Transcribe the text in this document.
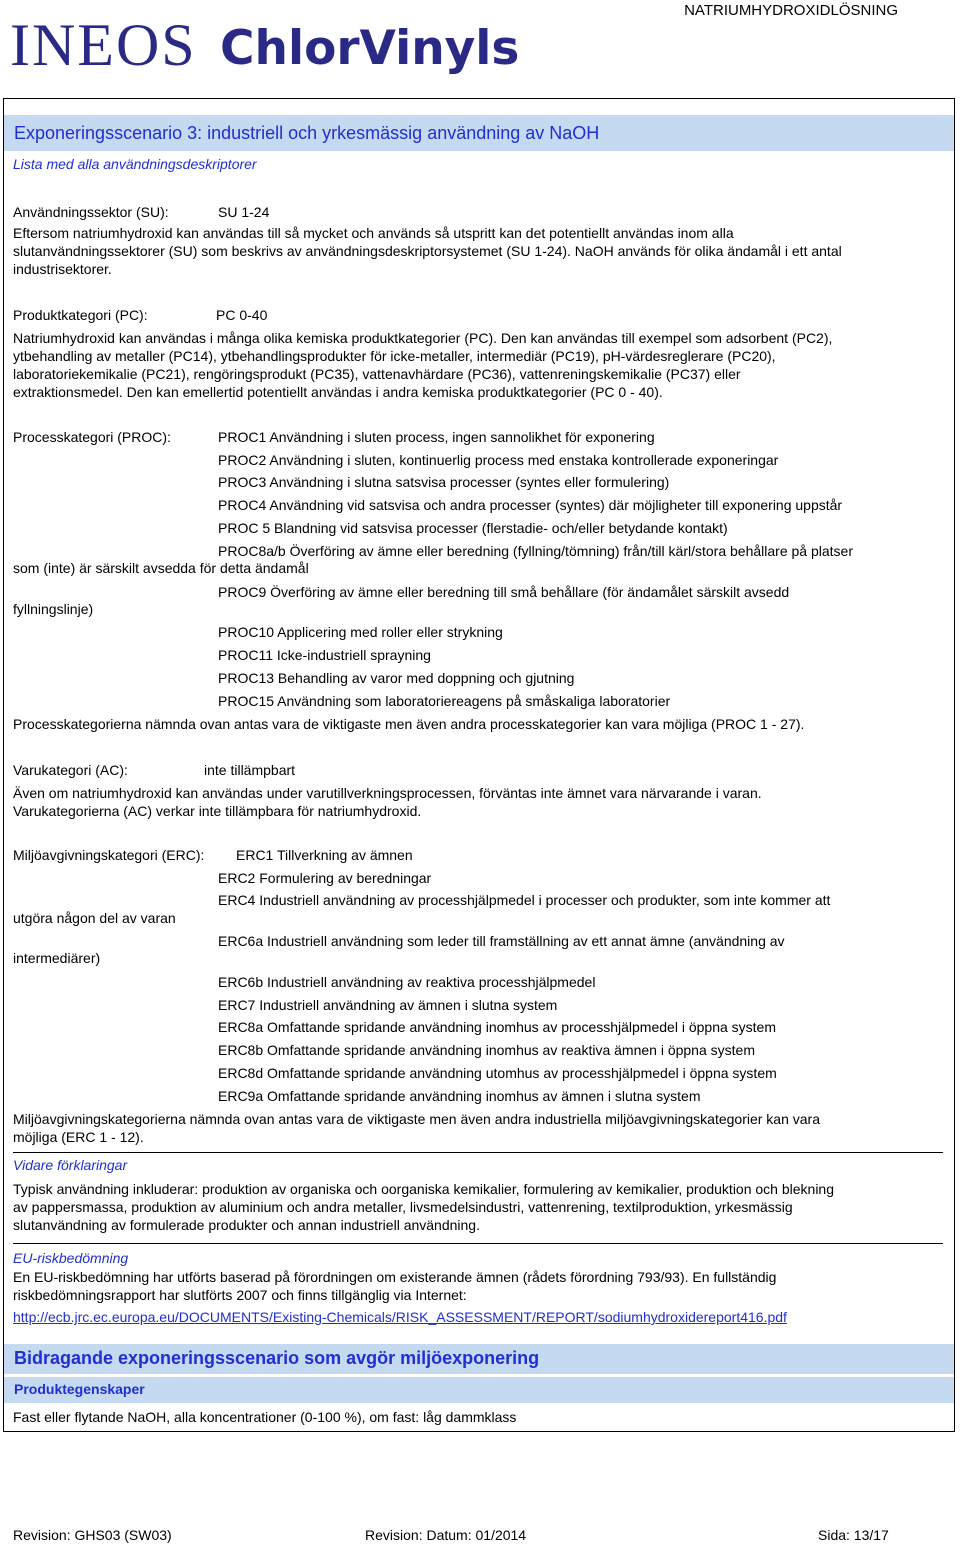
INEOS ChlorVinyls
NATRIUMHYDROXIDLÖSNING
Exponeringsscenario 3: industriell och yrkesmässig användning av NaOH
Lista med alla användningsdeskriptorer
Användningssektor (SU):	SU 1-24
Eftersom natriumhydroxid kan användas till så mycket och används så utspritt kan det potentiellt användas inom alla
slutanvändningssektorer (SU) som beskrivs av användningsdeskriptorsystemet (SU 1-24). NaOH används för olika ändamål i ett antal
industrisektorer.
Produktkategori (PC):	PC 0-40
Natriumhydroxid kan användas i många olika kemiska produktkategorier (PC). Den kan användas till exempel som adsorbent (PC2),
ytbehandling av metaller (PC14), ytbehandlingsprodukter för icke-metaller, intermediär (PC19), pH-värdesreglerare (PC20),
laboratoriekemikalie (PC21), rengöringsprodukt (PC35), vattenavhärdare (PC36), vattenreningskemikalie (PC37) eller
extraktionsmedel. Den kan emellertid potentiellt användas i andra kemiska produktkategorier (PC 0 - 40).
Processkategori (PROC):	PROC1 Användning i sluten process, ingen sannolikhet för exponering
PROC2 Användning i sluten, kontinuerlig process med enstaka kontrollerade exponeringar
PROC3 Användning i slutna satsvisa processer (syntes eller formulering)
PROC4 Användning vid satsvisa och andra processer (syntes) där möjligheter till exponering uppstår
PROC 5 Blandning vid satsvisa processer (flerstadie- och/eller betydande kontakt)
PROC8a/b Överföring av ämne eller beredning (fyllning/tömning) från/till kärl/stora behållare på platser
som (inte) är särskilt avsedda för detta ändamål
PROC9 Överföring av ämne eller beredning till små behållare (för ändamålet särskilt avsedd
fyllningslinje)
PROC10 Applicering med roller eller strykning
PROC11 Icke-industriell sprayning
PROC13 Behandling av varor med doppning och gjutning
PROC15 Användning som laboratoriereagens på småskaliga laboratorier
Processkategorierna nämnda ovan antas vara de viktigaste men även andra processkategorier kan vara möjliga (PROC 1 - 27).
Varukategori (AC):	inte tillämpbart
Även om natriumhydroxid kan användas under varutillverkningsprocessen, förväntas inte ämnet vara närvarande i varan.
Varukategorierna (AC) verkar inte tillämpbara för natriumhydroxid.
Miljöavgivningskategori (ERC): ERC1 Tillverkning av ämnen
ERC2 Formulering av beredningar
ERC4 Industriell användning av processhjälpmedel i processer och produkter, som inte kommer att
utgöra någon del av varan
ERC6a Industriell användning som leder till framställning av ett annat ämne (användning av
intermediärer)
ERC6b Industriell användning av reaktiva processhjälpmedel
ERC7 Industriell användning av ämnen i slutna system
ERC8a Omfattande spridande användning inomhus av processhjälpmedel i öppna system
ERC8b Omfattande spridande användning inomhus av reaktiva ämnen i öppna system
ERC8d Omfattande spridande användning utomhus av processhjälpmedel i öppna system
ERC9a Omfattande spridande användning inomhus av ämnen i slutna system
Miljöavgivningskategorierna nämnda ovan antas vara de viktigaste men även andra industriella miljöavgivningskategorier kan vara
möjliga (ERC 1 - 12).
Vidare förklaringar
Typisk användning inkluderar: produktion av organiska och oorganiska kemikalier, formulering av kemikalier, produktion och blekning
av pappersmassa, produktion av aluminium och andra metaller, livsmedelsindustri, vattenrening, textilproduktion, yrkesmässig
slutanvändning av formulerade produkter och annan industriell användning.
EU-riskbedömning
En EU-riskbedömning har utförts baserad på förordningen om existerande ämnen (rådets förordning 793/93). En fullständig
riskbedömningsrapport har slutförts 2007 och finns tillgänglig via Internet:
http://ecb.jrc.ec.europa.eu/DOCUMENTS/Existing-Chemicals/RISK_ASSESSMENT/REPORT/sodiumhydroxidereport416.pdf
Bidragande exponeringsscenario som avgör miljöexponering
Produktegenskaper
Fast eller flytande NaOH, alla koncentrationer (0-100 %), om fast: låg dammklass
Revision: GHS03 (SW03)	Revision: Datum: 01/2014	Sida: 13/17
